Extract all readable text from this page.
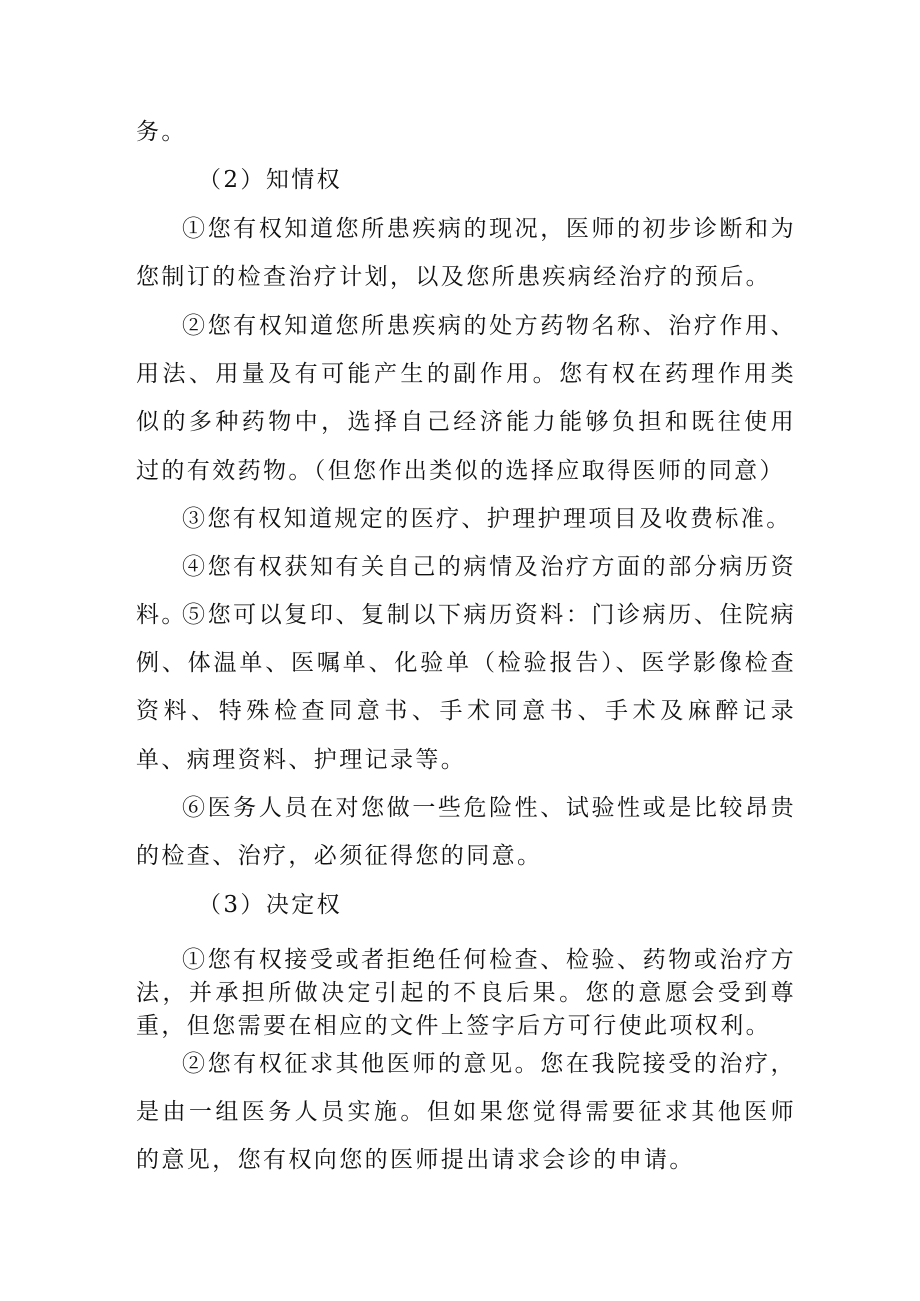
务。

（2）知情权

①您有权知道您所患疾病的现况，医师的初步诊断和为您制订的检查治疗计划，以及您所患疾病经治疗的预后。

②您有权知道您所患疾病的处方药物名称、治疗作用、用法、用量及有可能产生的副作用。您有权在药理作用类似的多种药物中，选择自己经济能力能够负担和既往使用过的有效药物。（但您作出类似的选择应取得医师的同意）

③您有权知道规定的医疗、护理护理项目及收费标准。

④您有权获知有关自己的病情及治疗方面的部分病历资料。

⑤您可以复印、复制以下病历资料：门诊病历、住院病例、体温单、医嘱单、化验单（检验报告）、医学影像检查资料、特殊检查同意书、手术同意书、手术及麻醉记录单、病理资料、护理记录等。

⑥医务人员在对您做一些危险性、试验性或是比较昂贵的检查、治疗，必须征得您的同意。

（3）决定权

①您有权接受或者拒绝任何检查、检验、药物或治疗方法，并承担所做决定引起的不良后果。您的意愿会受到尊重，但您需要在相应的文件上签字后方可行使此项权利。

②您有权征求其他医师的意见。您在我院接受的治疗，是由一组医务人员实施。但如果您觉得需要征求其他医师的意见，您有权向您的医师提出请求会诊的申请。
